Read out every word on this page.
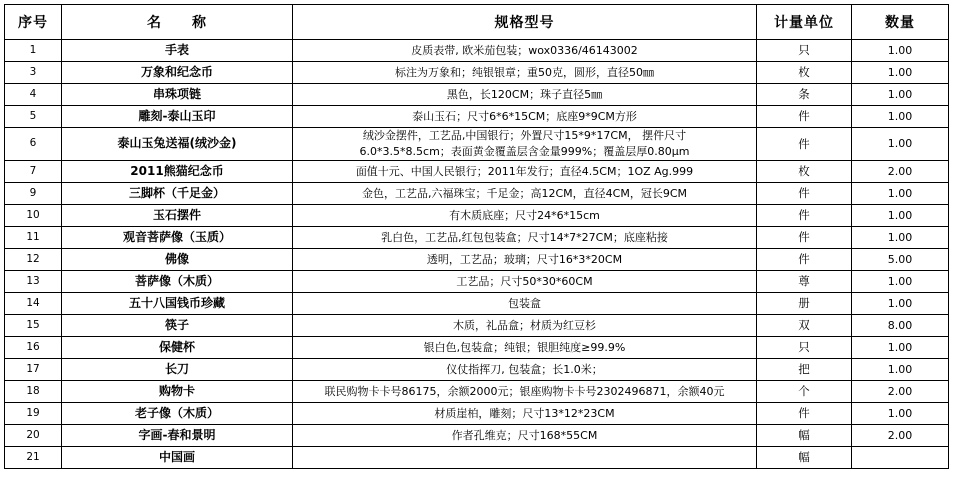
序号	名　　称	规格型号	计量单位	数量
1	手表	皮质表带, 欧米茄包装；wox0336/46143002	只	1.00
3	万象和纪念币	标注为万象和；纯银银章；重50克，圆形，直径50㎜	枚	1.00
4	串珠项链	黑色，长120CM；珠子直径5㎜	条	1.00
5	雕刻-泰山玉印	泰山玉石；尺寸6*6*15CM；底座9*9CM方形	件	1.00
6	泰山玉兔送福(绒沙金)	绒沙金摆件，工艺品,中国银行；外置尺寸15*9*17CM， 摆件尺寸
6.0*3.5*8.5cm；表面黄金覆盖层含金量999%；覆盖层厚0.80μm	件	1.00
7	2011熊猫纪念币	面值十元、中国人民银行；2011年发行；直径4.5CM；1OZ Ag.999	枚	2.00
9	三脚杯（千足金）	金色，工艺品,六福珠宝；千足金；高12CM，直径4CM，冠长9CM	件	1.00
10	玉石摆件	有木质底座；尺寸24*6*15cm	件	1.00
11	观音菩萨像（玉质）	乳白色，工艺品,红包包装盒；尺寸14*7*27CM；底座粘接	件	1.00
12	佛像	透明，工艺品；玻璃；尺寸16*3*20CM	件	5.00
13	菩萨像（木质）	工艺品；尺寸50*30*60CM	尊	1.00
14	五十八国钱币珍藏	包装盒	册	1.00
15	筷子	木质，礼品盒；材质为红豆杉	双	8.00
16	保健杯	银白色,包装盒；纯银；银胆纯度≥99.9%	只	1.00
17	长刀	仪仗指挥刀, 包装盒；长1.0米；	把	1.00
18	购物卡	联民购物卡卡号86175，余额2000元；银座购物卡卡号2302496871，余额40元	个	2.00
19	老子像（木质）	材质崖柏，雕刻；尺寸13*12*23CM	件	1.00
20	字画-春和景明	作者孔维克；尺寸168*55CM	幅	2.00
21	中国画		幅	
